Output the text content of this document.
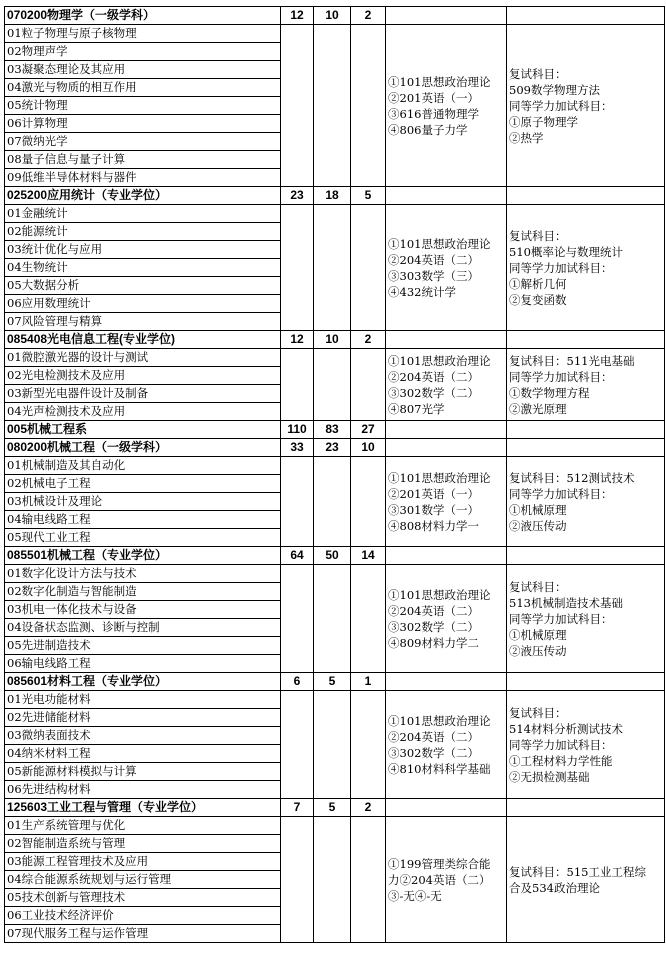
070200物理学（一级学科）	12	10	2		
01粒子物理与原子核物理				①101思想政治理论
②201英语（一）
③616普通物理学
④806量子力学	复试科目：
509数学物理方法
同等学力加试科目：
①原子物理学
②热学

02物理声学					
03凝聚态理论及其应用					
04激光与物质的相互作用					
05统计物理					
06计算物理					
07微纳光学					
08量子信息与量子计算					
09低维半导体材料与器件					
025200应用统计（专业学位）	23	18	5		
01金融统计				①101思想政治理论
②204英语（二）
③303数学（三）
④432统计学	复试科目：
510概率论与数理统计
同等学力加试科目：
①解析几何
②复变函数

02能源统计					
03统计优化与应用					
04生物统计					
05大数据分析					
06应用数理统计					
07风险管理与精算					
085408光电信息工程(专业学位)	12	10	2		
01微腔激光器的设计与测试				①101思想政治理论
②204英语（二）
③302数学（二）
④807光学	复试科目：511光电基础
同等学力加试科目：
①数学物理方程
②激光原理

02光电检测技术及应用					
03新型光电器件设计及制备					
04光声检测技术及应用					
005机械工程系	110	83	27		
080200机械工程（一级学科）	33	23	10		
01机械制造及其自动化				①101思想政治理论
②201英语（一）
③301数学（一）
④808材料力学一	复试科目：512测试技术
同等学力加试科目：
①机械原理
②液压传动

02机械电子工程					
03机械设计及理论					
04输电线路工程					
05现代工业工程					
085501机械工程（专业学位）	64	50	14		
01数字化设计方法与技术				①101思想政治理论
②204英语（二）
③302数学（二）
④809材料力学二	复试科目：
513机械制造技术基础
同等学力加试科目：
①机械原理
②液压传动

02数字化制造与智能制造					
03机电一体化技术与设备					
04设备状态监测、诊断与控制					
05先进制造技术					
06输电线路工程					
085601材料工程（专业学位）	6	5	1		
01光电功能材料				①101思想政治理论
②204英语（二）
③302数学（二）
④810材料科学基础	复试科目：
514材料分析测试技术
同等学力加试科目：
①工程材料力学性能
②无损检测基础

02先进储能材料					
03微纳表面技术					
04纳米材料工程					
05新能源材料模拟与计算					
06先进结构材料					
125603工业工程与管理（专业学位）	7	5	2		
01生产系统管理与优化				①199管理类综合能
力②204英语（二）
③-无④-无	复试科目：515工业工程综
合及534政治理论

02智能制造系统与管理					
03能源工程管理技术及应用					
04综合能源系统规划与运行管理					
05技术创新与管理技术					
06工业技术经济评价					
07现代服务工程与运作管理					
